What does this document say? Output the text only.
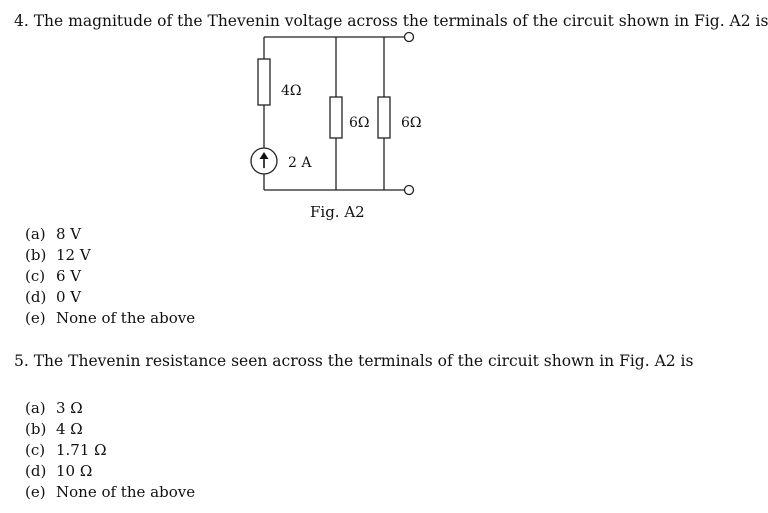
4. The magnitude of the Thevenin voltage across the terminals of the circuit shown in Fig. A2 is
4Ω
6Ω 6Ω
2 A
Fig. A2
(a) 8 V
(b) 12 V
(c) 6 V
(d) 0 V
(e) None of the above
5. The Thevenin resistance seen across the terminals of the circuit shown in Fig. A2 is
(a) 3 Ω
(b) 4 Ω
(c) 1.71 Ω
(d) 10 Ω
(e) None of the above
